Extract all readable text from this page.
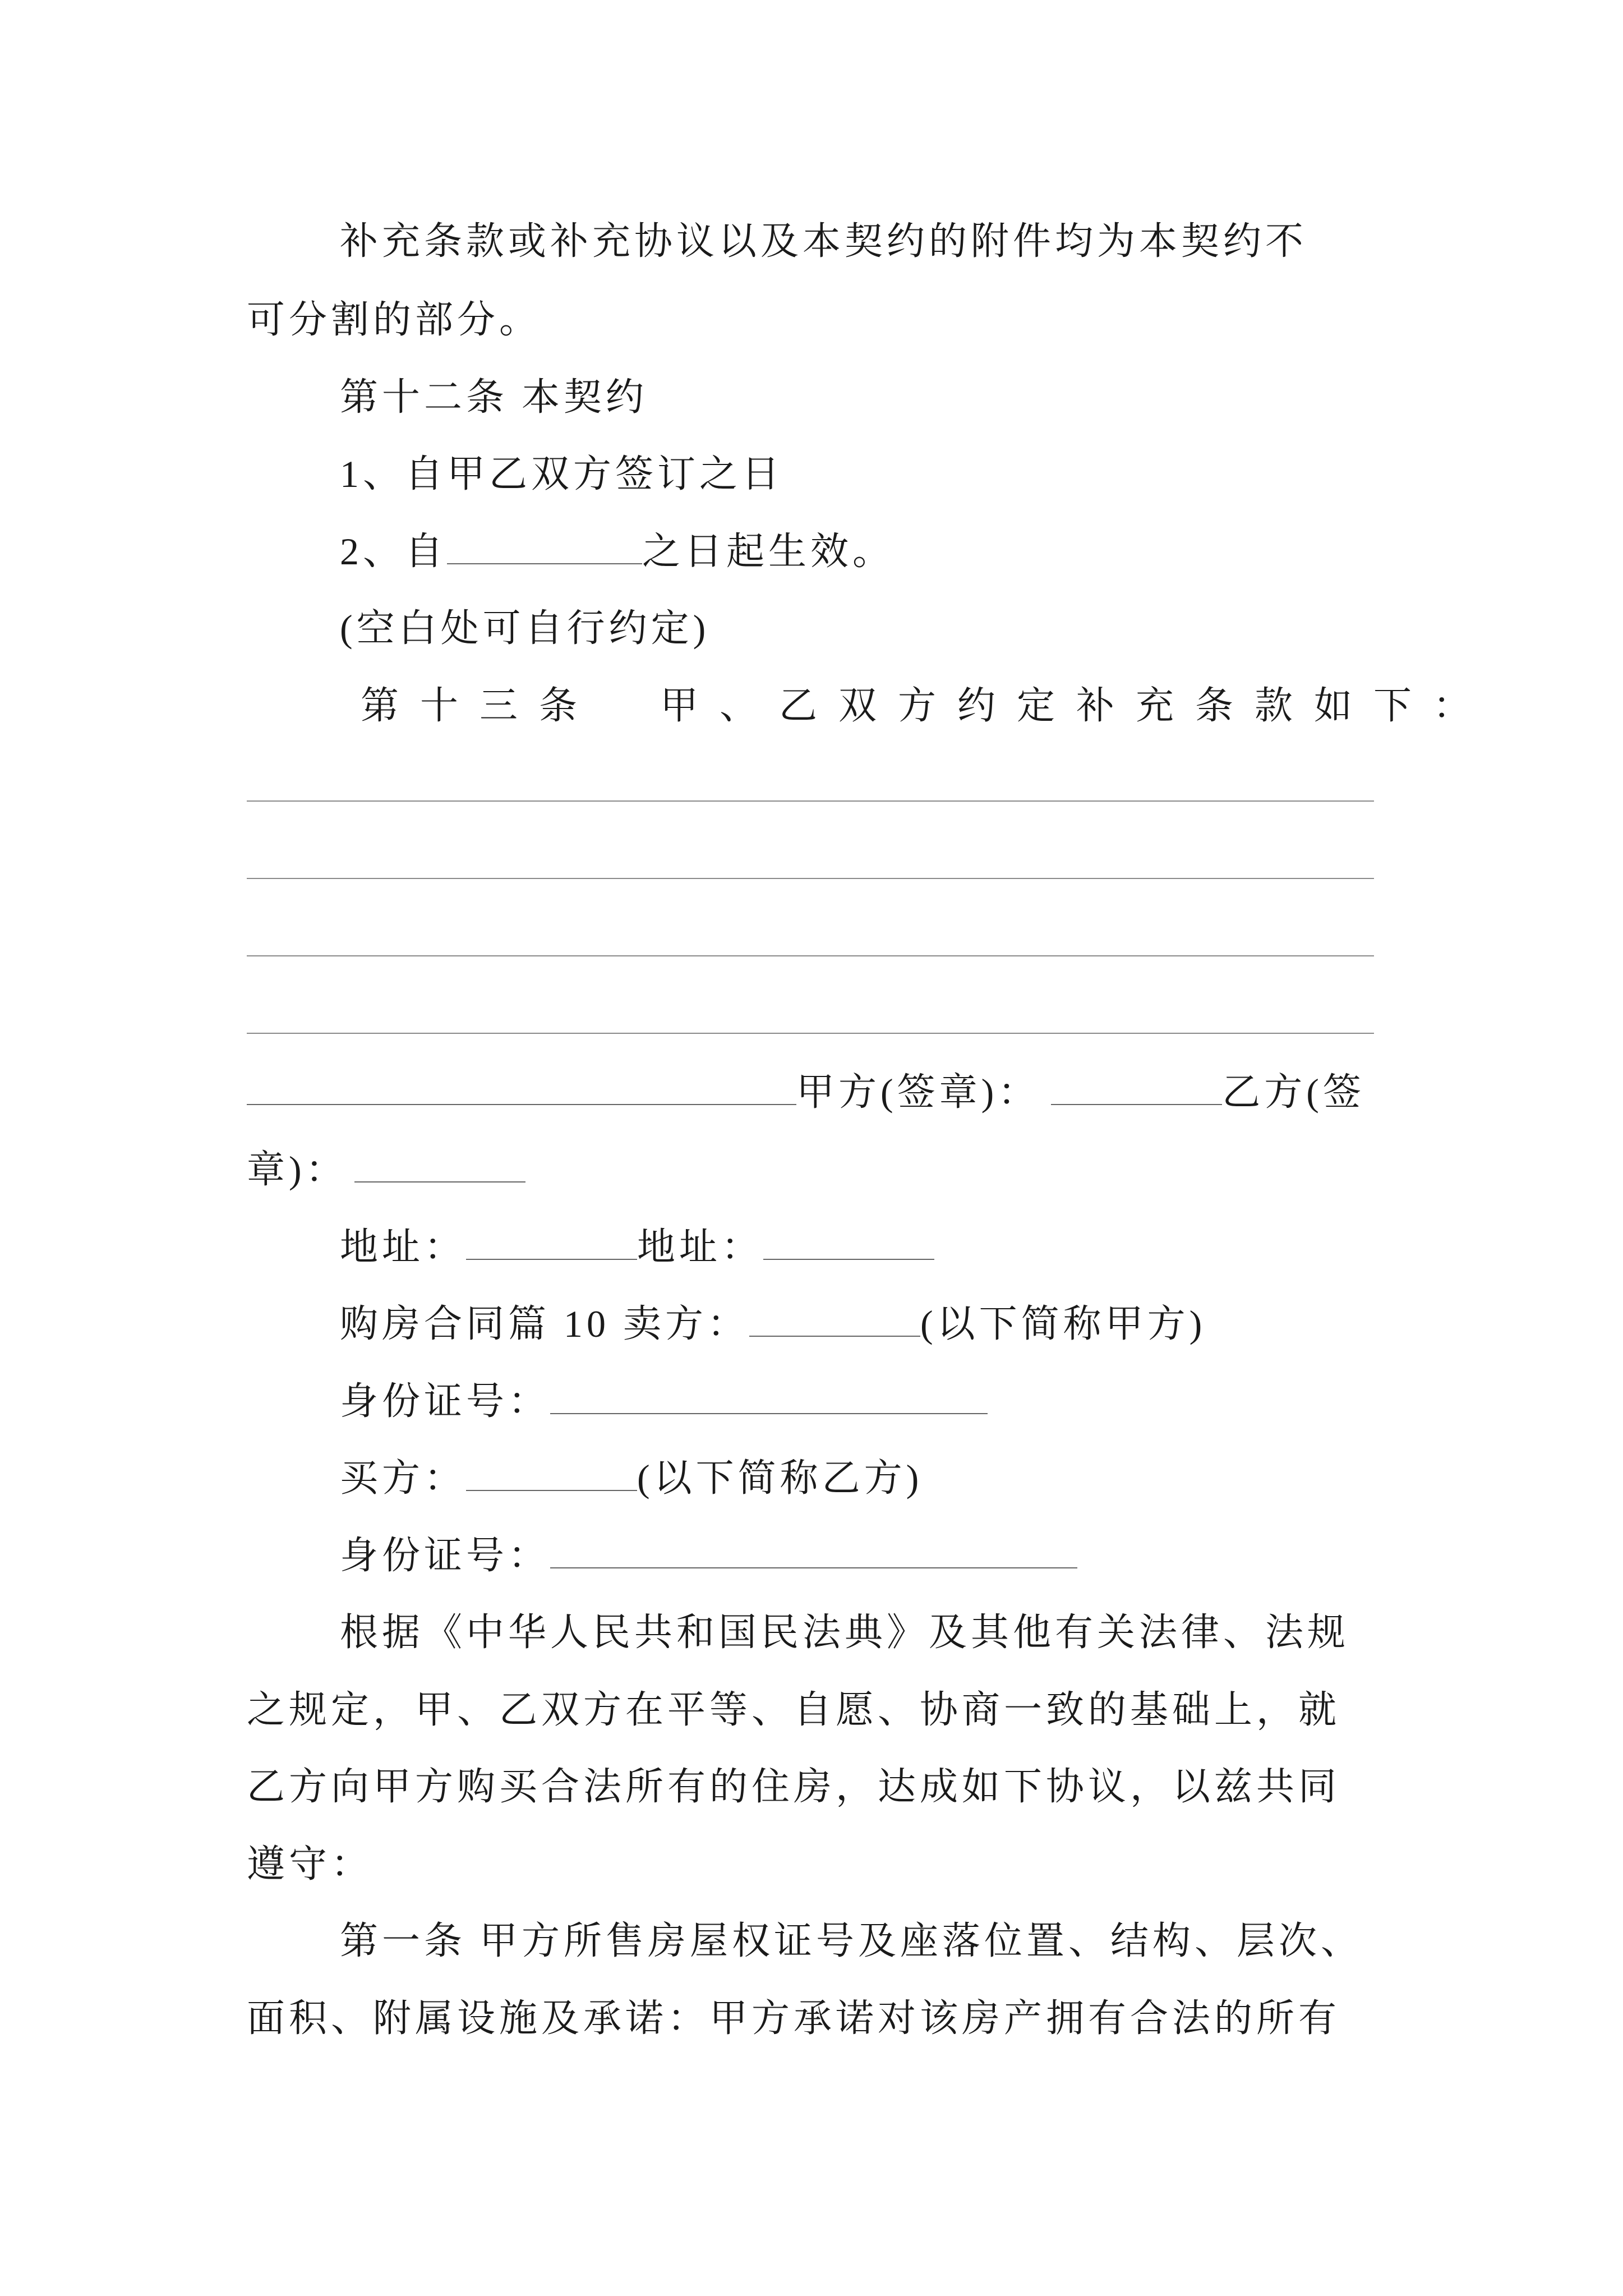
补充条款或补充协议以及本契约的附件均为本契约不
可分割的部分。
第十二条 本契约
1、自甲乙双方签订之日
2、自	之日起生效。
(空白处可自行约定)
第十三条  甲、乙双方约定补充条款如下：
甲方(签章)：	乙方(签
章)：
地址：	地址：
购房合同篇 10 卖方：	(以下简称甲方)
身份证号：
买方：	(以下简称乙方)
身份证号：
根据《中华人民共和国民法典》及其他有关法律、法规
之规定，甲、乙双方在平等、自愿、协商一致的基础上，就
乙方向甲方购买合法所有的住房，达成如下协议，以兹共同
遵守：
第一条 甲方所售房屋权证号及座落位置、结构、层次、
面积、附属设施及承诺：甲方承诺对该房产拥有合法的所有
